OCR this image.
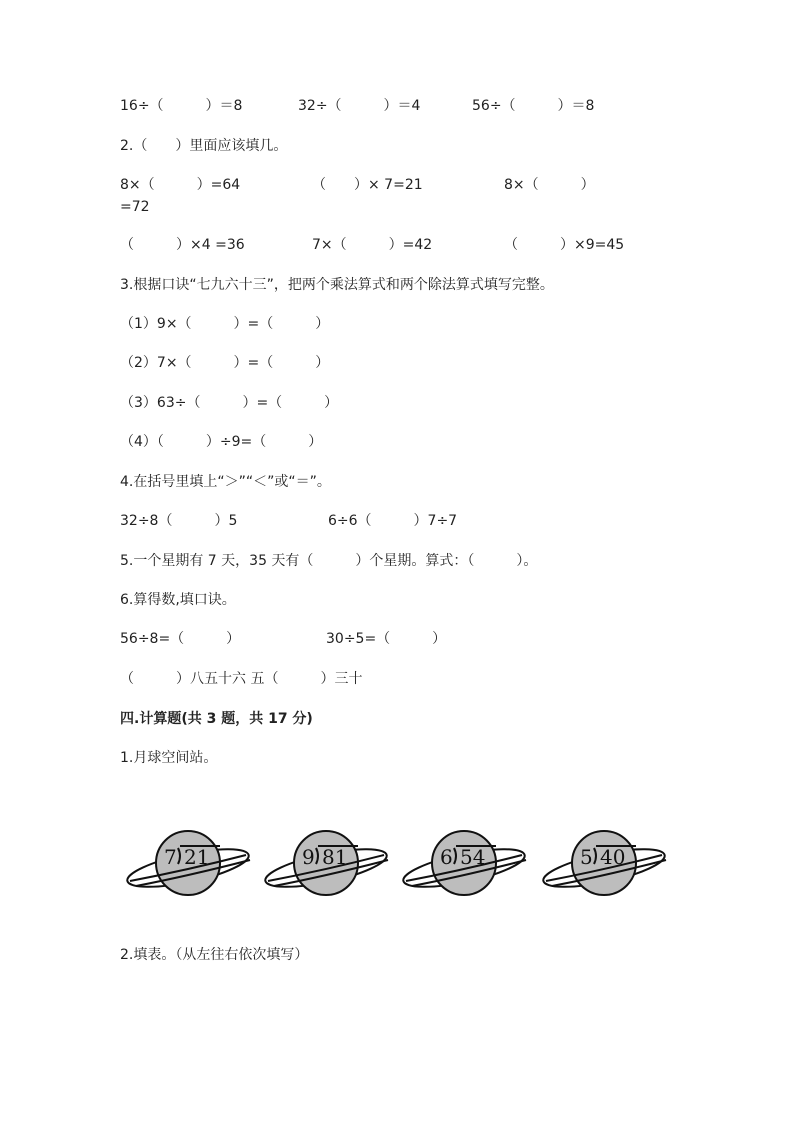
16÷（　　　）＝8	32÷（　　　）＝4	56÷（　　　）＝8
2.（　　）里面应该填几。
8×（　　　）=64	（　　）× 7=21	8×（　　　）
=72
（　　　）×4 =36	7×（　　　）=42	（　　　）×9=45
3.根据口诀“七九六十三”，把两个乘法算式和两个除法算式填写完整。
（1）9×（　　　）=（　　　）
（2）7×（　　　）=（　　　）
（3）63÷（　　　）=（　　　）
（4）（　　　）÷9=（　　　）
4.在括号里填上“＞”“＜”或“＝”。
32÷8（　　　）5	6÷6（　　　）7÷7
5.一个星期有 7 天，35 天有（　　　）个星期。算式：（　　　）。
6.算得数,填口诀。
56÷8=（　　　）	30÷5=（　　　）
（　　　）八五十六 五（　　　）三十
四.计算题(共 3 题，共 17 分)
1.月球空间站。
7 21	9 81	6 54	5 40
2.填表。（从左往右依次填写）
